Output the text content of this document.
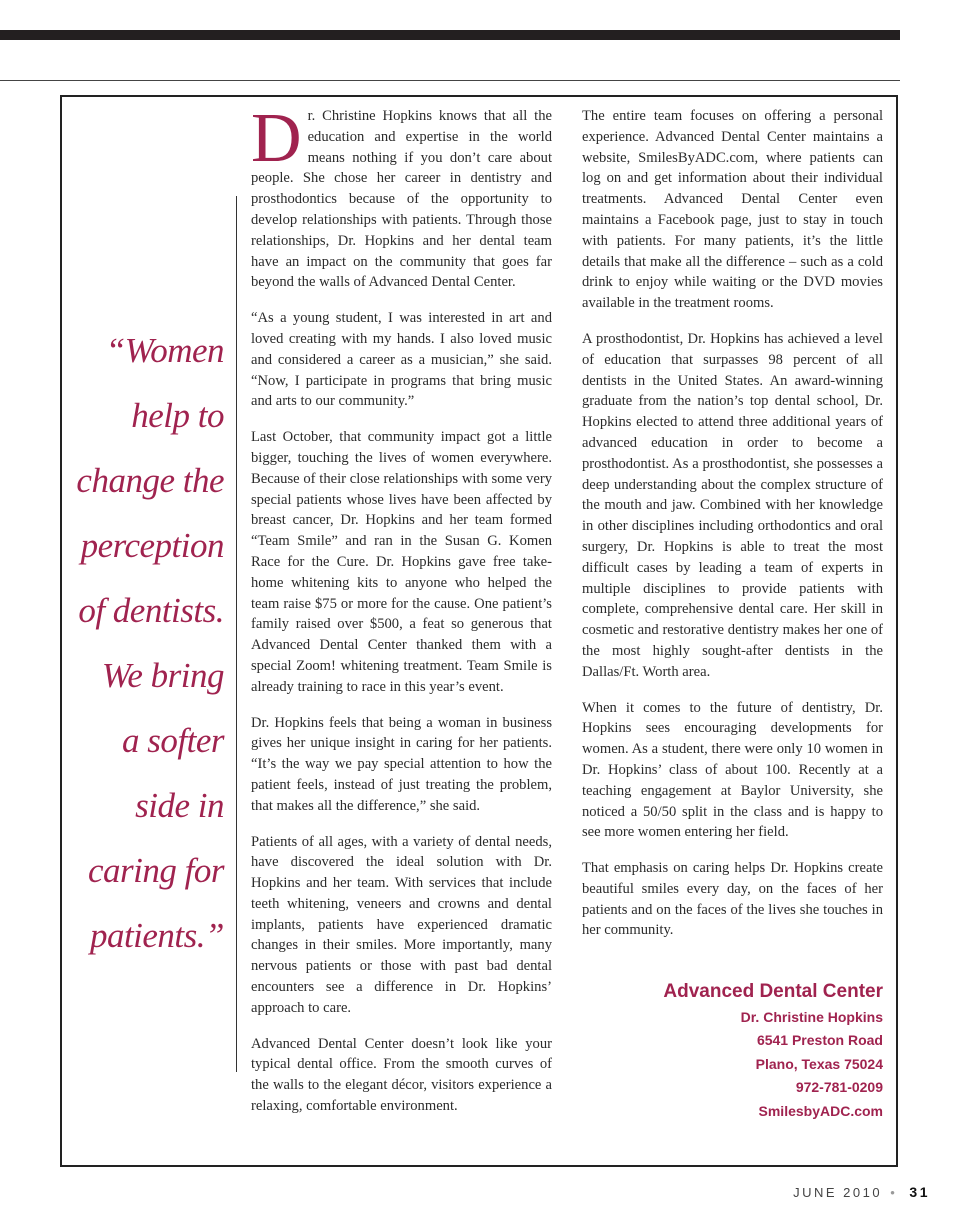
“Women
help to
change the
perception
of dentists.
We bring
a softer
side in
caring for
patients.”

Dr. Christine Hopkins knows that all the education and expertise in the world means nothing if you don’t care about people. She chose her career in dentistry and prosthodontics because of the opportunity to develop relationships with patients. Through those relationships, Dr. Hopkins and her dental team have an impact on the community that goes far beyond the walls of Advanced Dental Center.

“As a young student, I was interested in art and loved creating with my hands. I also loved music and considered a career as a musician,” she said. “Now, I participate in programs that bring music and arts to our community.”

Last October, that community impact got a little bigger, touching the lives of women everywhere. Because of their close relationships with some very special patients whose lives have been affected by breast cancer, Dr. Hopkins and her team formed “Team Smile” and ran in the Susan G. Komen Race for the Cure. Dr. Hopkins gave free take-home whitening kits to anyone who helped the team raise $75 or more for the cause. One patient’s family raised over $500, a feat so generous that Advanced Dental Center thanked them with a special Zoom! whitening treatment. Team Smile is already training to race in this year’s event.

Dr. Hopkins feels that being a woman in business gives her unique insight in caring for her patients. “It’s the way we pay special attention to how the patient feels, instead of just treating the problem, that makes all the difference,” she said.

Patients of all ages, with a variety of dental needs, have discovered the ideal solution with Dr. Hopkins and her team. With services that include teeth whitening, veneers and crowns and dental implants, patients have experienced dramatic changes in their smiles. More importantly, many nervous patients or those with past bad dental encounters see a difference in Dr. Hopkins’ approach to care.

Advanced Dental Center doesn’t look like your typical dental office. From the smooth curves of the walls to the elegant décor, visitors experience a relaxing, comfortable environment.

The entire team focuses on offering a personal experience. Advanced Dental Center maintains a website, SmilesByADC.com, where patients can log on and get information about their individual treatments. Advanced Dental Center even maintains a Facebook page, just to stay in touch with patients. For many patients, it’s the little details that make all the difference – such as a cold drink to enjoy while waiting or the DVD movies available in the treatment rooms.

A prosthodontist, Dr. Hopkins has achieved a level of education that surpasses 98 percent of all dentists in the United States. An award-winning graduate from the nation’s top dental school, Dr. Hopkins elected to attend three additional years of advanced education in order to become a prosthodontist. As a prosthodontist, she possesses a deep understanding about the complex structure of the mouth and jaw. Combined with her knowledge in other disciplines including orthodontics and oral surgery, Dr. Hopkins is able to treat the most difficult cases by leading a team of experts in multiple disciplines to provide patients with complete, comprehensive dental care. Her skill in cosmetic and restorative dentistry makes her one of the most highly sought-after dentists in the Dallas/Ft. Worth area.

When it comes to the future of dentistry, Dr. Hopkins sees encouraging developments for women. As a student, there were only 10 women in Dr. Hopkins’ class of about 100. Recently at a teaching engagement at Baylor University, she noticed a 50/50 split in the class and is happy to see more women entering her field.

That emphasis on caring helps Dr. Hopkins create beautiful smiles every day, on the faces of her patients and on the faces of the lives she touches in her community.

Advanced Dental Center
Dr. Christine Hopkins
6541 Preston Road
Plano, Texas 75024
972-781-0209
SmilesbyADC.com
JUNE 2010 • 31
